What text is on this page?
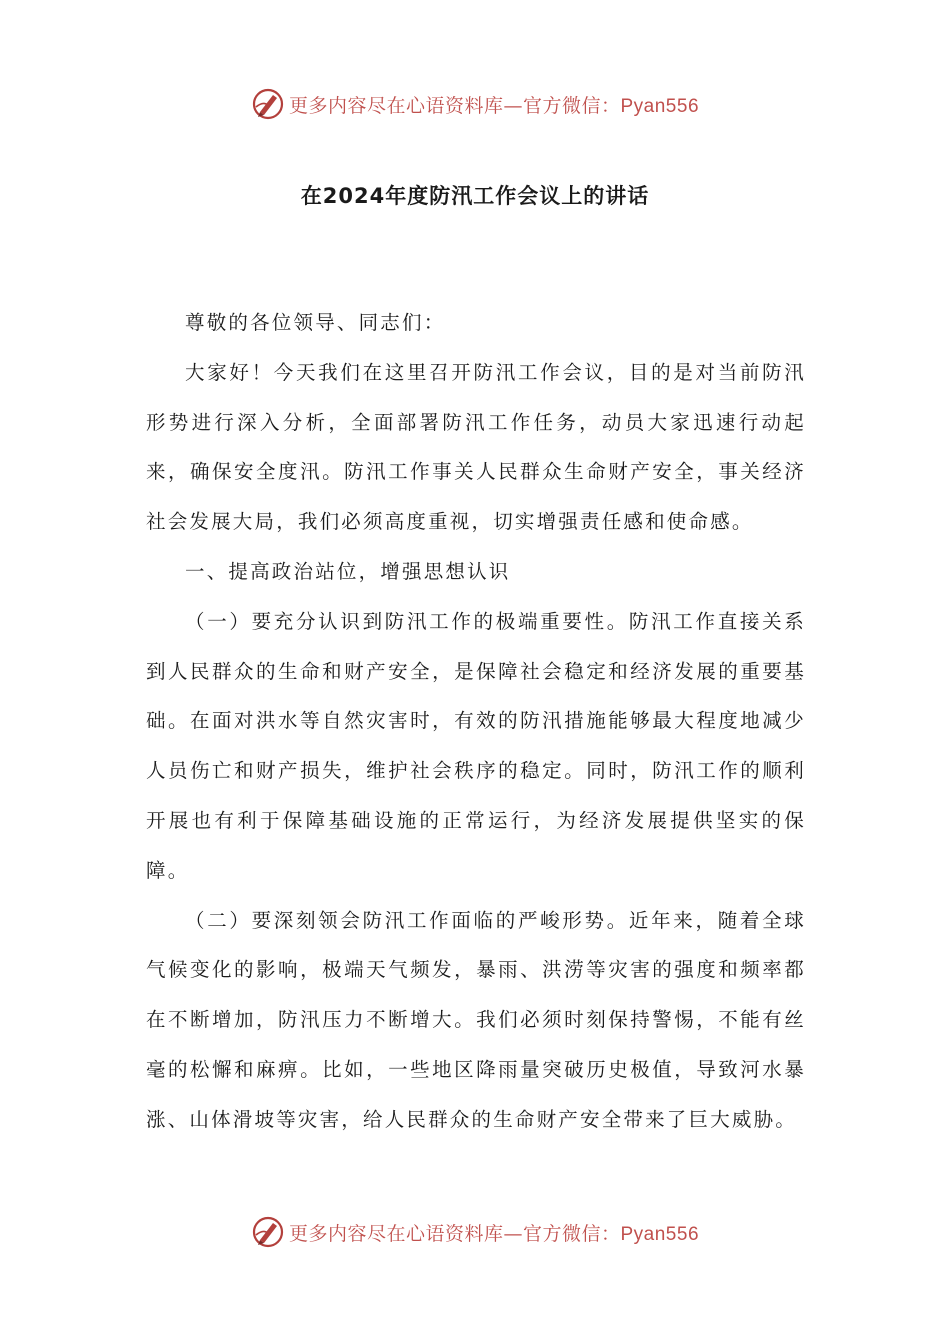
更多内容尽在心语资料库—官方微信：Pyan556
在2024年度防汛工作会议上的讲话

尊敬的各位领导、同志们：

大家好！今天我们在这里召开防汛工作会议，目的是对当前防汛形势进行深入分析，全面部署防汛工作任务，动员大家迅速行动起来，确保安全度汛。防汛工作事关人民群众生命财产安全，事关经济社会发展大局，我们必须高度重视，切实增强责任感和使命感。

一、提高政治站位，增强思想认识

（一）要充分认识到防汛工作的极端重要性。防汛工作直接关系到人民群众的生命和财产安全，是保障社会稳定和经济发展的重要基础。在面对洪水等自然灾害时，有效的防汛措施能够最大程度地减少人员伤亡和财产损失，维护社会秩序的稳定。同时，防汛工作的顺利开展也有利于保障基础设施的正常运行，为经济发展提供坚实的保障。

（二）要深刻领会防汛工作面临的严峻形势。近年来，随着全球气候变化的影响，极端天气频发，暴雨、洪涝等灾害的强度和频率都在不断增加，防汛压力不断增大。我们必须时刻保持警惕，不能有丝毫的松懈和麻痹。比如，一些地区降雨量突破历史极值，导致河水暴涨、山体滑坡等灾害，给人民群众的生命财产安全带来了巨大威胁。

更多内容尽在心语资料库—官方微信：Pyan556
